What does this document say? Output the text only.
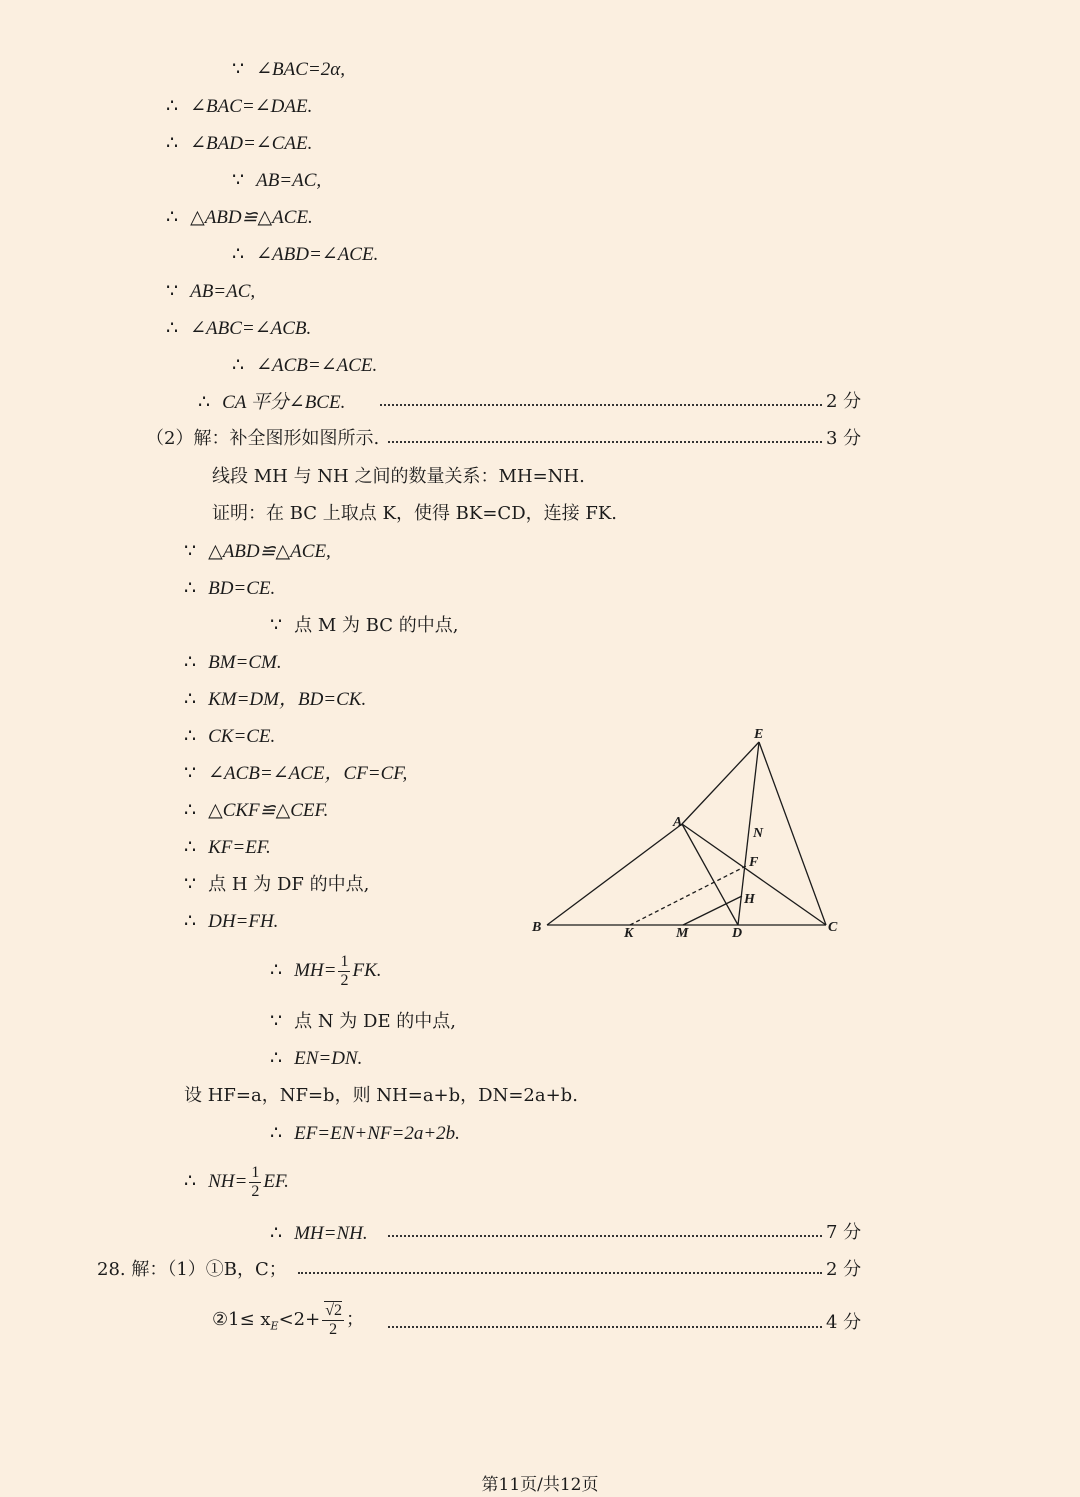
∵ ∠BAC=2α,
∴ ∠BAC=∠DAE.
∴ ∠BAD=∠CAE.
∵ AB=AC,
∴ △ABD≌△ACE.
∴ ∠ABD=∠ACE.
∵ AB=AC,
∴ ∠ABC=∠ACB.
∴ ∠ACB=∠ACE.
∴ CA 平分∠BCE.	2 分
（2）解：补全图形如图所示.	3 分
线段 MH 与 NH 之间的数量关系：MH=NH.
证明：在 BC 上取点 K，使得 BK=CD，连接 FK.
∵ △ABD≌△ACE,
∴ BD=CE.
∵ 点 M 为 BC 的中点,
∴ BM=CM.
∴ KM=DM，BD=CK.
∴ CK=CE.
∵ ∠ACB=∠ACE，CF=CF,
∴ △CKF≌△CEF.
∴ KF=EF.
∵ 点 H 为 DF 的中点,
∴ DH=FH.
∴ $MH= \frac{1}{2}$ FK.
∵ 点 N 为 DE 的中点,
∴ EN=DN.
设 HF=a，NF=b，则 NH=a+b，DN=2a+b.
∴ EF=EN+NF=2a+2b.
∴ $NH= \frac{1}{2}$ EF.
∴ MH=NH.	7 分
28. 解：（1）①B，C；	2 分
②1≤ $x_E<2+ \frac{√2}{2}$ ；	4 分
E
A
N
F
H
B	K	M	D	C
第11页/共12页
